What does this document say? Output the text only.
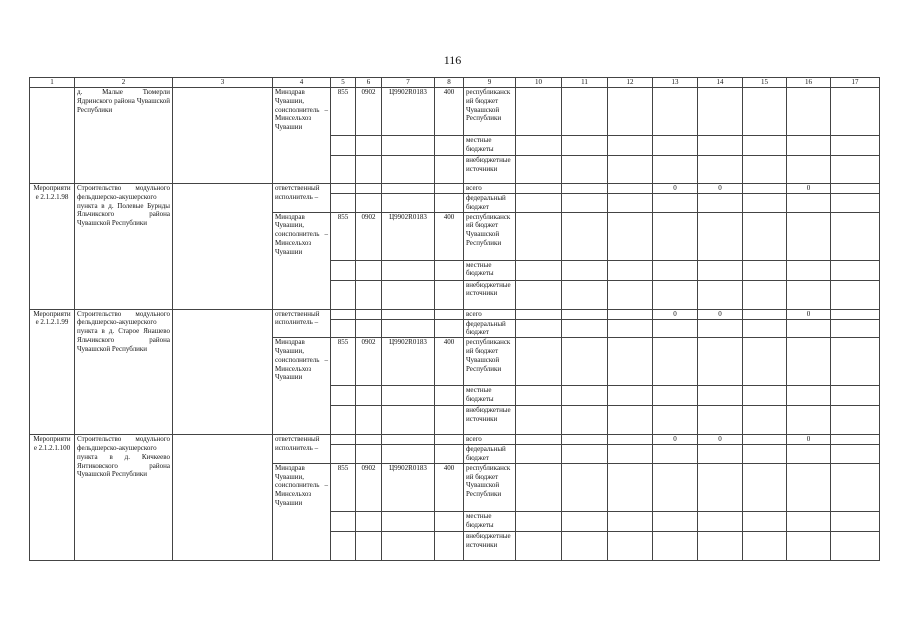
116
1	2	3	4	5	6	7	8	9	10	11	12	13	14	15	16	17
	д. Малые Тюмерли Ядринского района Чувашской Республики		Минздрав Чувашии, соисполнитель – Минсельхоз Чувашии	855	0902	Ц9902R0183	400	республиканский бюджет Чувашской Республики								
								местные бюджеты								
								внебюджетные источники								
Мероприятие 2.1.2.1.98	Строительство модульного фельдшерско-акушерского пункта в д. Полевые Бурнды Яльчикского района Чувашской Республики		ответственный исполнитель –					всего				0	0		0	
								федеральный бюджет								
			Минздрав Чувашии, соисполнитель – Минсельхоз Чувашии	855	0902	Ц9902R0183	400	республиканский бюджет Чувашской Республики								
								местные бюджеты								
								внебюджетные источники								
Мероприятие 2.1.2.1.99	Строительство модульного фельдшерско-акушерского пункта в д. Старое Янашево Яльчикского района Чувашской Республики		ответственный исполнитель –					всего				0	0		0	
								федеральный бюджет								
			Минздрав Чувашии, соисполнитель – Минсельхоз Чувашии	855	0902	Ц9902R0183	400	республиканский бюджет Чувашской Республики								
								местные бюджеты								
								внебюджетные источники								
Мероприятие 2.1.2.1.100	Строительство модульного фельдшерско-акушерского пункта в д. Кичкеево Янтиковского района Чувашской Республики		ответственный исполнитель –					всего				0	0		0	
								федеральный бюджет								
			Минздрав Чувашии, соисполнитель – Минсельхоз Чувашии	855	0902	Ц9902R0183	400	республиканский бюджет Чувашской Республики								
								местные бюджеты								
								внебюджетные источники								
